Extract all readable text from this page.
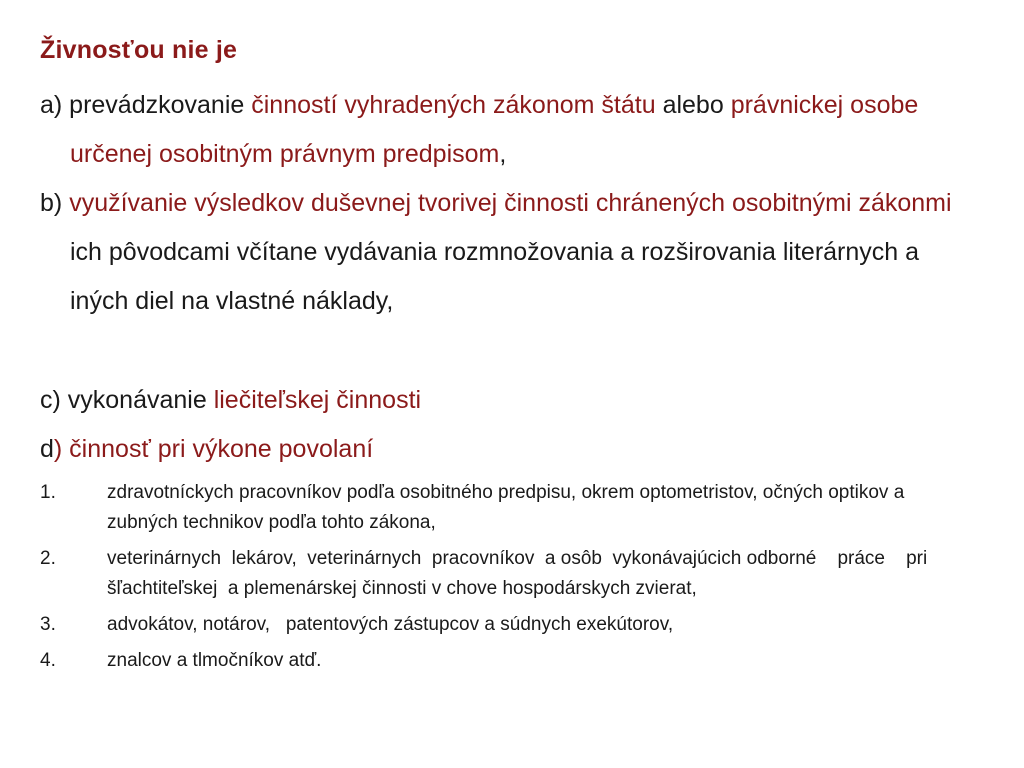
Živnosťou nie je
a) prevádzkovanie činností vyhradených zákonom štátu alebo právnickej osobe určenej osobitným právnym predpisom,
b) využívanie výsledkov duševnej tvorivej činnosti chránených osobitnými zákonmi ich pôvodcami včítane vydávania rozmnožovania a rozširovania literárnych a iných diel na vlastné náklady,
c) vykonávanie liečiteľskej činnosti
d) činnosť pri výkone povolaní
1.	zdravotníckych pracovníkov podľa osobitného predpisu, okrem optometristov, očných optikov a zubných technikov podľa tohto zákona,
2.	veterinárnych  lekárov,  veterinárnych  pracovníkov  a osôb  vykonávajúcich odborné    práce    pri    šľachtiteľskej  a plemenárskej činnosti v chove hospodárskych zvierat,
3.	advokátov, notárov,   patentových zástupcov a súdnych exekútorov,
4.	znalcov a tlmočníkov atď.
